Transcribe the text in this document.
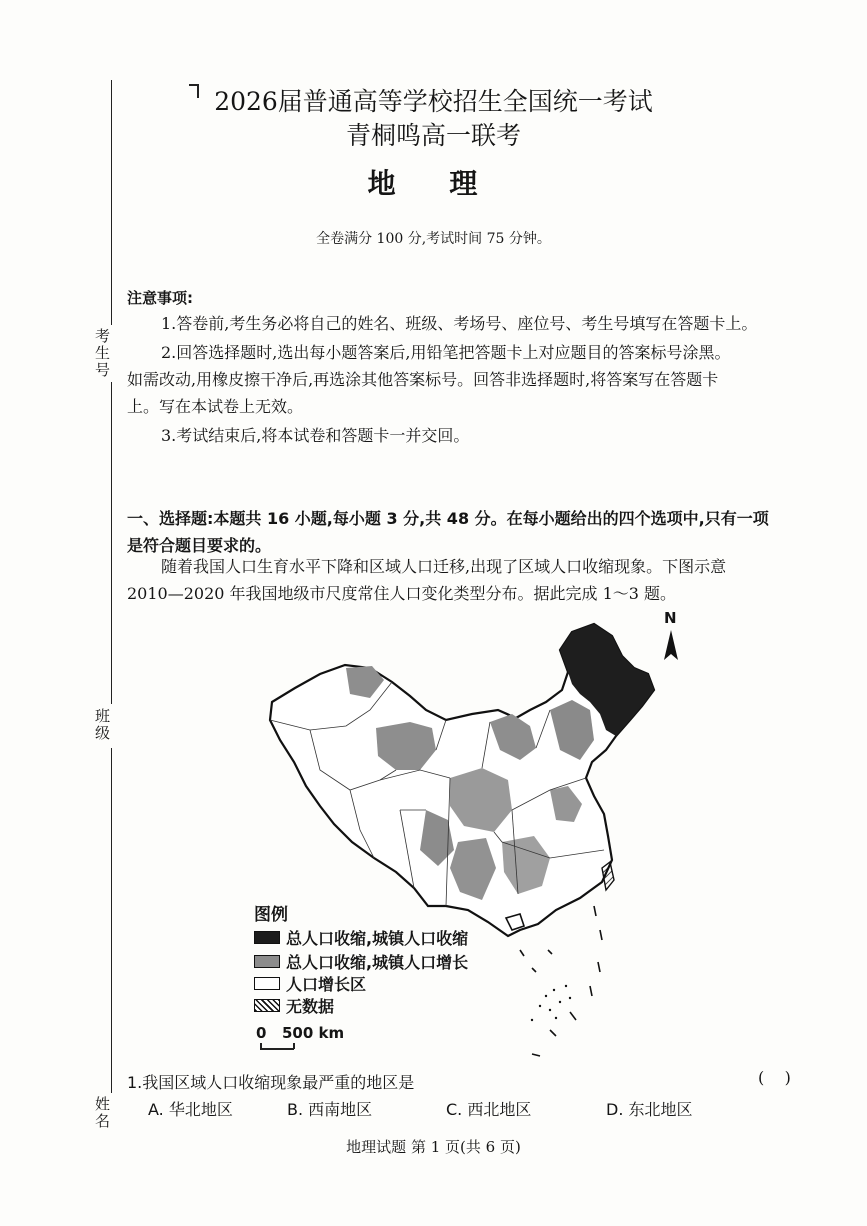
考生号
班级
姓名
2026届普通高等学校招生全国统一考试
青桐鸣高一联考
地 理
全卷满分 100 分,考试时间 75 分钟。
注意事项:
1.答卷前,考生务必将自己的姓名、班级、考场号、座位号、考生号填写在答题卡上。
2.回答选择题时,选出每小题答案后,用铅笔把答题卡上对应题目的答案标号涂黑。
如需改动,用橡皮擦干净后,再选涂其他答案标号。回答非选择题时,将答案写在答题卡
上。写在本试卷上无效。
3.考试结束后,将本试卷和答题卡一并交回。
一、选择题:本题共 16 小题,每小题 3 分,共 48 分。在每小题给出的四个选项中,只有一项
是符合题目要求的。
随着我国人口生育水平下降和区域人口迁移,出现了区域人口收缩现象。下图示意
2010—2020 年我国地级市尺度常住人口变化类型分布。据此完成 1～3 题。
N
图例
总人口收缩,城镇人口收缩
总人口收缩,城镇人口增长
人口增长区
无数据
0 500 km
1.我国区域人口收缩现象最严重的地区是	(    )
A. 华北地区	B. 西南地区	C. 西北地区	D. 东北地区
地理试题 第 1 页(共 6 页)
